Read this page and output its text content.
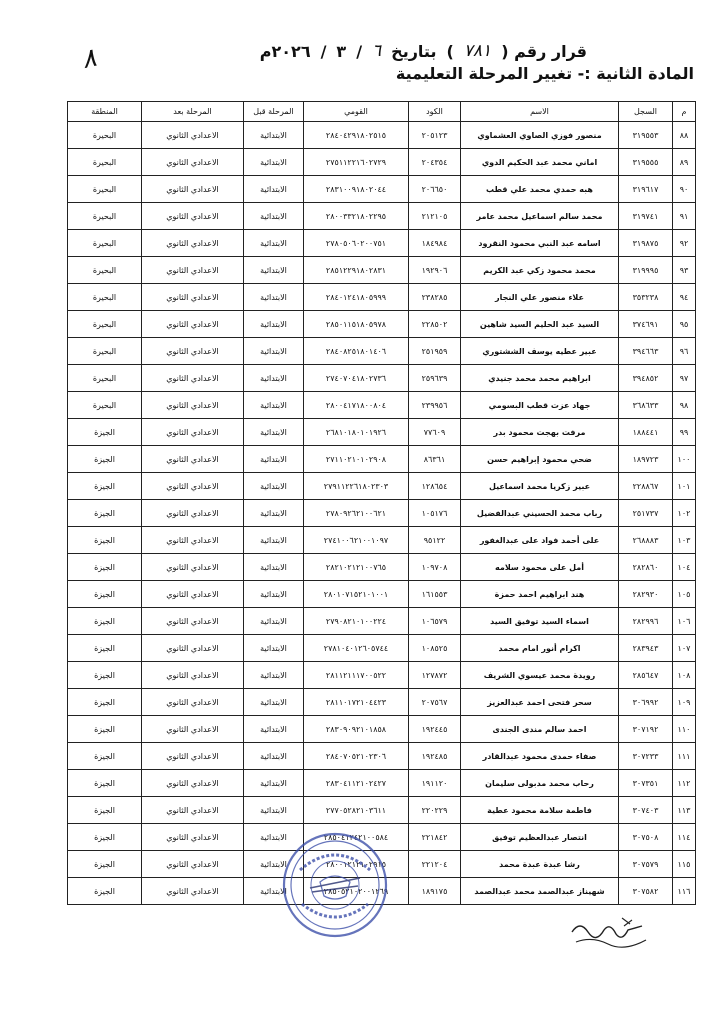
٨	قرار رقم (
٧٨١
)
بتاريخ
٦
/
٣
/
٢٠٢٦م
المادة الثانية :- تغيير المرحلة التعليمية
م	السجل	الاسم	الكود	القومي	المرحلة قبل	المرحلة بعد	المنطقة
٨٨	٣١٩٥٥٣	منصور فوزي الصاوي العشماوي	٢٠٥١٢٣	٢٨٤٠٤٢٩١٨٠٢٥١٥	الابتدائية	الاعدادي الثانوي	البحيرة
٨٩	٣١٩٥٥٥	اماني محمد عبد الحكيم الدوي	٢٠٤٣٥٤	٢٧٥١١٢٢١٦٠٢٧٢٩	الابتدائية	الاعدادي الثانوي	البحيرة
٩٠	٣١٩٦١٧	هبه حمدي محمد علي قطب	٢٠٦٦٥٠	٢٨٣١٠٠٩١٨٠٢٠٤٤	الابتدائية	الاعدادي الثانوي	البحيرة
٩١	٣١٩٧٤١	محمد سالم اسماعيل محمد عامر	٢١٢١٠٥	٢٨٠٠٣٣٢١٨٠٢٢٩٥	الابتدائية	الاعدادي الثانوي	البحيرة
٩٢	٣١٩٨٧٥	اسامه عبد النبي محمود النقرود	١٨٤٩٨٤	٢٧٨٠٥٠٦٠٢٠٠٧٥١	الابتدائية	الاعدادي الثانوي	البحيرة
٩٣	٣١٩٩٩٥	محمد محمود زكي عبد الكريم	١٩٢٩٠٦	٢٨٥١٢٢٩١٨٠٢٨٣١	الابتدائية	الاعدادي الثانوي	البحيرة
٩٤	٣٥٣٢٣٨	علاء منصور علي النجار	٢٣٨٢٨٥	٢٨٤٠١٢٤١٨٠٥٩٩٩	الابتدائية	الاعدادي الثانوي	البحيرة
٩٥	٣٧٤٦٩١	السيد عبد الحليم السيد شاهين	٢٢٨٥٠٢	٢٨٥٠١١٥١٨٠٥٩٧٨	الابتدائية	الاعدادي الثانوي	البحيرة
٩٦	٣٩٤٦٦٣	عبير عطيه يوسف الششتوري	٢٥١٩٥٩	٢٨٤٠٨٢٥١٨٠١٤٠٦	الابتدائية	الاعدادي الثانوي	البحيرة
٩٧	٣٩٤٨٥٢	ابراهيم محمد محمد جنيدي	٢٥٩٦٣٩	٢٧٤٠٧٠٤١٨٠٢٧٣٦	الابتدائية	الاعدادي الثانوي	البحيرة
٩٨	٣٦٨٦٣٣	جهاد عزت قطب البسومي	٢٣٩٩٥٦	٢٨٠٠٤١٧١٨٠٠٨٠٤	الابتدائية	الاعدادي الثانوي	البحيرة
٩٩	١٨٨٤٤١	مرفت بهجت محمود بدر	٧٧٦٠٩	٢٦٨١٠١٨٠١٠١٩٢٦	الابتدائية	الاعدادي الثانوي	الجيزة
١٠٠	١٨٩٧٢٣	ضحي محمود إبراهيم حسن	٨٦٣٦١	٢٧١١٠٢١٠١٠٢٩٠٨	الابتدائية	الاعدادي الثانوي	الجيزة
١٠١	٢٢٨٨٦٧	عبير زكريا محمد اسماعيل	١٢٨٦٥٤	٢٧٩١١٢٢٦١٨٠٢٣٠٣	الابتدائية	الاعدادي الثانوي	الجيزة
١٠٢	٢٥١٧٣٧	رباب محمد الحسيني عبدالفضيل	١٠٥١٧٦	٢٧٨٠٩٢٦٢١٠٠٦٢١	الابتدائية	الاعدادي الثانوي	الجيزة
١٠٣	٢٦٨٨٨٣	على أحمد فواد على عبدالغفور	٩٥١٢٢	٢٧٤١٠٠٦٢١٠٠١٠٩٧	الابتدائية	الاعدادي الثانوي	الجيزة
١٠٤	٢٨٢٨٦٠	أمل على محمود سلامه	١٠٩٧٠٨	٢٨٢١٠٢١٢١٠٠٧٦٥	الابتدائية	الاعدادي الثانوي	الجيزة
١٠٥	٢٨٢٩٣٠	هند ابراهيم احمد حمزة	١٦١٥٥٣	٢٨٠١٠٧١٥٢١٠١٠٠١	الابتدائية	الاعدادي الثانوي	الجيزة
١٠٦	٢٨٢٩٩٦	اسماء السيد توفيق السيد	١٠٦٥٧٩	٢٧٩٠٨٢١٠١٠٠٢٢٤	الابتدائية	الاعدادي الثانوي	الجيزة
١٠٧	٢٨٣٩٤٣	اكرام أنور امام محمد	١٠٨٥٢٥	٢٧٨١٠٤٠١٢٦٠٥٧٤٤	الابتدائية	الاعدادي الثانوي	الجيزة
١٠٨	٢٨٥٦٤٧	رويدة محمد عيسوي الشريف	١٢٧٨٧٢	٢٨١١٢١١١٧٠٠٥٢٢	الابتدائية	الاعدادي الثانوي	الجيزة
١٠٩	٣٠٦٩٩٢	سحر فتحى احمد عبدالعزيز	٢٠٧٥٦٧	٢٨١١٠١٧٢١٠٤٤٢٣	الابتدائية	الاعدادي الثانوي	الجيزة
١١٠	٣٠٧١٩٢	احمد سالم مندى الجندى	١٩٢٤٤٥	٢٨٣٠٩٠٩٢١٠١٨٥٨	الابتدائية	الاعدادي الثانوي	الجيزة
١١١	٣٠٧٢٣٣	صفاء حمدى محمود عبدالقادر	١٩٢٤٨٥	٢٨٤٠٧٠٥٢١٠٢٣٠٦	الابتدائية	الاعدادي الثانوي	الجيزة
١١٢	٣٠٧٣٥١	رحاب محمد مدبولى سليمان	١٩١١٢٠	٢٨٣٠٤١١٢١٠٢٤٢٧	الابتدائية	الاعدادي الثانوي	الجيزة
١١٣	٣٠٧٤٠٣	فاطمة سلامة محمود عطية	٢٢٠٢٢٩	٢٧٧٠٥٢٨٢١٠٣٦١١	الابتدائية	الاعدادي الثانوي	الجيزة
١١٤	٣٠٧٥٠٨	انتصار عبدالعظيم توفيق	٢٢١٨٤٢	٢٨٥٠٤١٢٤٢١٠٠٥٨٤	الابتدائية	الاعدادي الثانوي	الجيزة
١١٥	٣٠٧٥٧٩	رشا عبدة عبدة محمد	٢٢١٢٠٤	٢٨٠٠١٢١٢١٠٢٩١٥	الابتدائية	الاعدادي الثانوي	الجيزة
١١٦	٣٠٧٥٨٢	شهيناز عبدالصمد محمد عبدالصمد	١٨٩١٧٥	٢٨٥٠٥٢١٠٢٠٠١٢٦٩	الابتدائية	الاعدادي الثانوي	الجيزة
